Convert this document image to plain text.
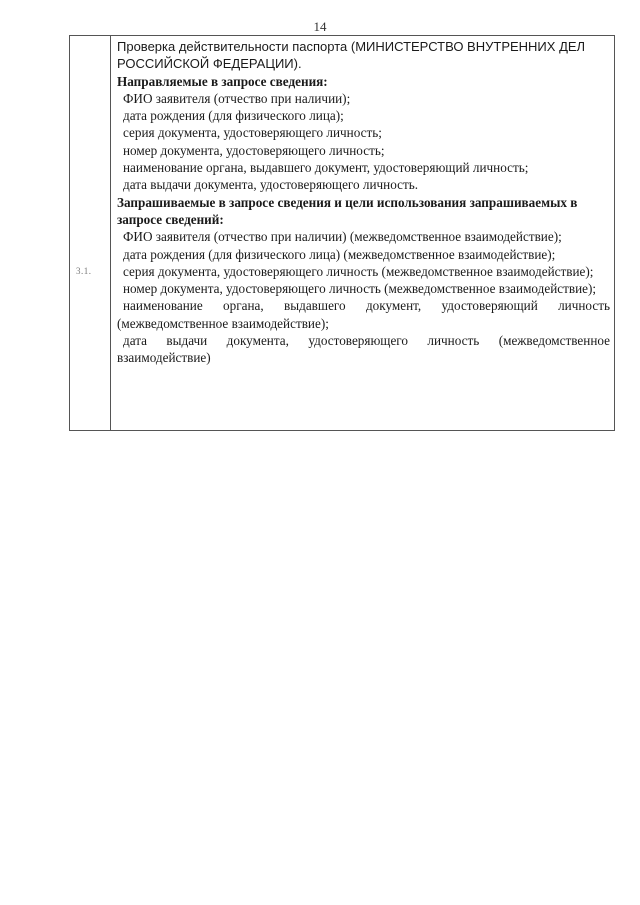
14
3.1.

Проверка действительности паспорта (МИНИСТЕРСТВО ВНУТРЕННИХ ДЕЛ РОССИЙСКОЙ ФЕДЕРАЦИИ).

Направляемые в запросе сведения:

ФИО заявителя (отчество при наличии);

дата рождения (для физического лица);

серия документа, удостоверяющего личность;

номер документа, удостоверяющего личность;

наименование органа, выдавшего документ, удостоверяющий личность;

дата выдачи документа, удостоверяющего личность.

Запрашиваемые в запросе сведения и цели использования запрашиваемых в запросе сведений:

ФИО заявителя (отчество при наличии) (межведомственное взаимодействие);

дата рождения (для физического лица) (межведомственное взаимодействие);

серия документа, удостоверяющего личность (межведомственное взаимодействие);

номер документа, удостоверяющего личность (межведомственное взаимодействие);

наименование органа, выдавшего документ, удостоверяющий личность (межведомственное взаимодействие);

дата выдачи документа, удостоверяющего личность (межведомственное взаимодействие)
